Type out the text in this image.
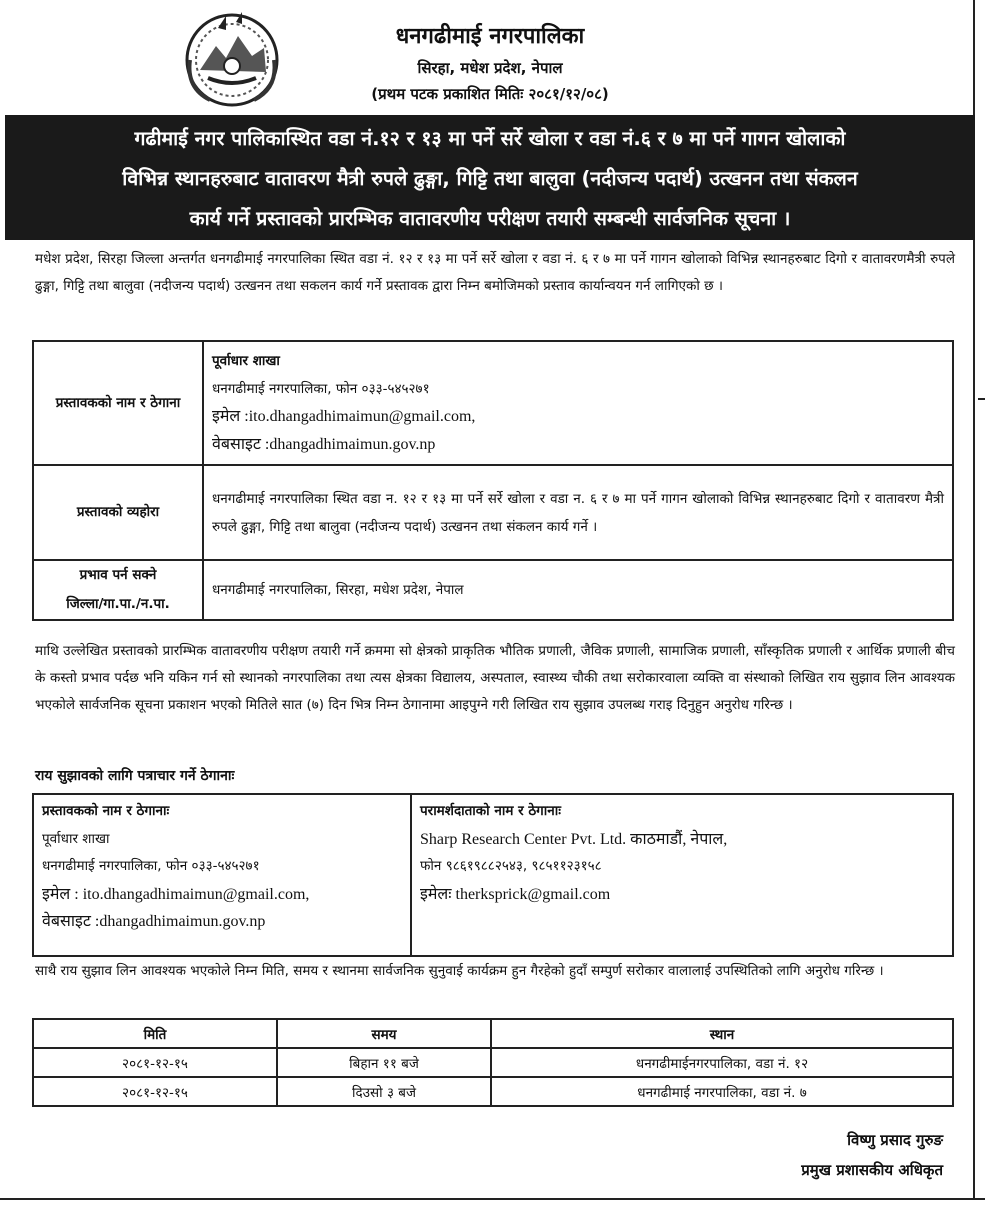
धनगढीमाई नगरपालिका
सिरहा, मधेश प्रदेश, नेपाल
(प्रथम पटक प्रकाशित मितिः २०८१/१२/०८)
गढीमाई नगर पालिकास्थित वडा नं.१२ र १३ मा पर्ने सर्रे खोला र वडा नं.६ र ७ मा पर्ने गागन खोलाको
विभिन्न स्थानहरुबाट वातावरण मैत्री रुपले ढुङ्गा, गिट्टि तथा बालुवा (नदीजन्य पदार्थ) उत्खनन तथा संकलन
कार्य गर्ने प्रस्तावको प्रारम्भिक वातावरणीय परीक्षण तयारी सम्बन्धी सार्वजनिक सूचना ।
मधेश प्रदेश, सिरहा जिल्ला अन्तर्गत धनगढीमाई नगरपालिका स्थित वडा नं. १२ र १३ मा पर्ने सर्रे खोला र वडा नं. ६ र ७ मा पर्ने गागन खोलाको विभिन्न स्थानहरुबाट दिगो र वातावरणमैत्री रुपले ढुङ्गा, गिट्टि तथा बालुवा (नदीजन्य पदार्थ) उत्खनन तथा सकलन कार्य गर्ने प्रस्तावक द्वारा निम्न बमोजिमको प्रस्ताव कार्यान्वयन गर्न लागिएको छ ।
प्रस्तावकको नाम र ठेगाना	पूर्वाधार शाखा
धनगढीमाई नगरपालिका, फोन ०३३-५४५२७१
इमेल :ito.dhangadhimaimun@gmail.com,
वेबसाइट :dhangadhimaimun.gov.np

प्रस्तावको व्यहोरा	धनगढीमाई नगरपालिका स्थित वडा न. १२ र १३ मा पर्ने सर्रे खोला र वडा न. ६ र ७ मा पर्ने गागन खोलाको विभिन्न स्थानहरुबाट दिगो र वातावरण मैत्री रुपले ढुङ्गा, गिट्टि तथा बालुवा (नदीजन्य पदार्थ) उत्खनन तथा संकलन कार्य गर्ने ।

प्रभाव पर्न सक्ने
जिल्ला/गा.पा./न.पा.	धनगढीमाई नगरपालिका, सिरहा, मधेश प्रदेश, नेपाल
माथि उल्लेखित प्रस्तावको प्रारम्भिक वातावरणीय परीक्षण तयारी गर्ने क्रममा सो क्षेत्रको प्राकृतिक भौतिक प्रणाली, जैविक प्रणाली, सामाजिक प्रणाली, साँस्कृतिक प्रणाली र आर्थिक प्रणाली बीच के कस्तो प्रभाव पर्दछ भनि यकिन गर्न सो स्थानको नगरपालिका तथा त्यस क्षेत्रका विद्यालय, अस्पताल, स्वास्थ्य चौकी तथा सरोकारवाला व्यक्ति वा संस्थाको लिखित राय सुझाव लिन आवश्यक भएकोले सार्वजनिक सूचना प्रकाशन भएको मितिले सात (७) दिन भित्र निम्न ठेगानामा आइपुग्ने गरी लिखित राय सुझाव उपलब्ध गराइ दिनुहुन अनुरोध गरिन्छ ।
राय सुझावको लागि पत्राचार गर्ने ठेगानाः
प्रस्तावकको नाम र ठेगानाः
पूर्वाधार शाखा
धनगढीमाई नगरपालिका, फोन ०३३-५४५२७१
इमेल : ito.dhangadhimaimun@gmail.com,
वेबसाइट :dhangadhimaimun.gov.np

परामर्शदाताको नाम र ठेगानाः
Sharp Research Center Pvt. Ltd. काठमाडौं, नेपाल,
फोन ९८६१९८८२५४३, ९८५११२३१५८
इमेलः therksprick@gmail.com
साथै राय सुझाव लिन आवश्यक भएकोले निम्न मिति, समय र स्थानमा सार्वजनिक सुनुवाई कार्यक्रम हुन गैरहेको हुदाँ सम्पुर्ण सरोकार वालालाई उपस्थितिको लागि अनुरोध गरिन्छ ।
मिति	समय	स्थान
२०८१-१२-१५	बिहान ११ बजे	धनगढीमाईनगरपालिका, वडा नं. १२
२०८१-१२-१५	दिउसो ३ बजे	धनगढीमाई नगरपालिका, वडा नं. ७
विष्णु प्रसाद गुरुङ
प्रमुख प्रशासकीय अधिकृत
